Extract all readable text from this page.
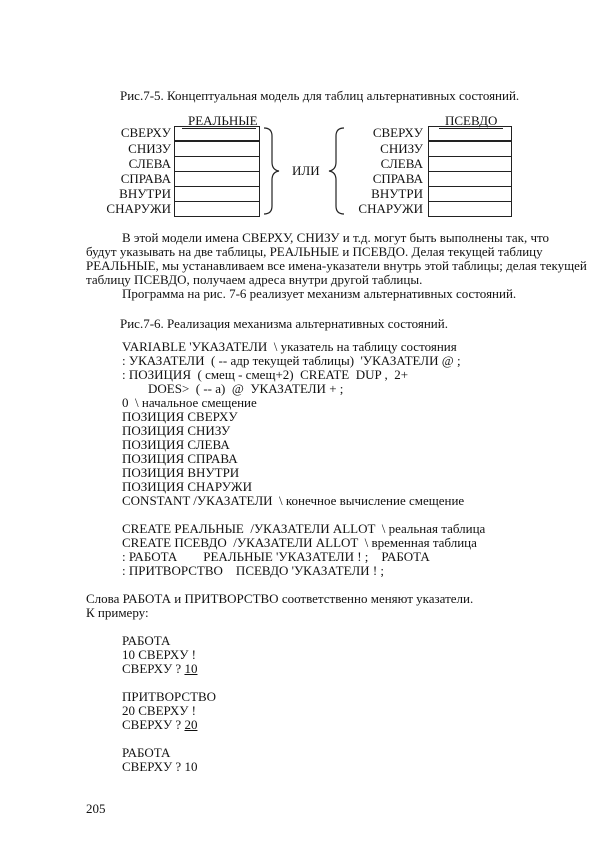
Рис.7-5. Концептуальная модель для таблиц альтернативных состояний.
РЕАЛЬНЫЕ
СВЕРХУ
СНИЗУ
СЛЕВА
СПРАВА
ВНУТРИ
СНАРУЖИ
ИЛИ
ПСЕВДО
СВЕРХУ
СНИЗУ
СЛЕВА
СПРАВА
ВНУТРИ
СНАРУЖИ
В этой модели имена СВЕРХУ, СНИЗУ и т.д. могут быть выполнены так, что
будут указывать на две таблицы, РЕАЛЬНЫЕ и ПСЕВДО. Делая текущей таблицу
РЕАЛЬНЫЕ, мы устанавливаем все имена-указатели внутрь этой таблицы; делая текущей
таблицу ПСЕВДО, получаем адреса внутри другой таблицы.
Программа на рис. 7-6 реализует механизм альтернативных состояний.
Рис.7-6. Реализация механизма альтернативных состояний.
VARIABLE 'УКАЗАТЕЛИ  \ указатель на таблицу состояния
: УКАЗАТЕЛИ  ( -- адр текущей таблицы)  'УКАЗАТЕЛИ @ ;
: ПОЗИЦИЯ  ( смещ - смещ+2)  CREATE  DUP ,  2+
DOES>  ( -- a)  @  УКАЗАТЕЛИ + ;
0  \ начальное смещение
ПОЗИЦИЯ СВЕРХУ
ПОЗИЦИЯ СНИЗУ
ПОЗИЦИЯ СЛЕВА
ПОЗИЦИЯ СПРАВА
ПОЗИЦИЯ ВНУТРИ
ПОЗИЦИЯ СНАРУЖИ
CONSTANT /УКАЗАТЕЛИ  \ конечное вычисление смещение
CREATE РЕАЛЬНЫЕ  /УКАЗАТЕЛИ ALLOT  \ реальная таблица
CREATE ПСЕВДО  /УКАЗАТЕЛИ ALLOT  \ временная таблица
: РАБОТА        РЕАЛЬНЫЕ 'УКАЗАТЕЛИ ! ;    РАБОТА
: ПРИТВОРСТВО    ПСЕВДО 'УКАЗАТЕЛИ ! ;
Слова РАБОТА и ПРИТВОРСТВО соответственно меняют указатели.
К примеру:
РАБОТА
10 СВЕРХУ !
СВЕРХУ ? 10
ПРИТВОРСТВО
20 СВЕРХУ !
СВЕРХУ ? 20
РАБОТА
СВЕРХУ ? 10
205
